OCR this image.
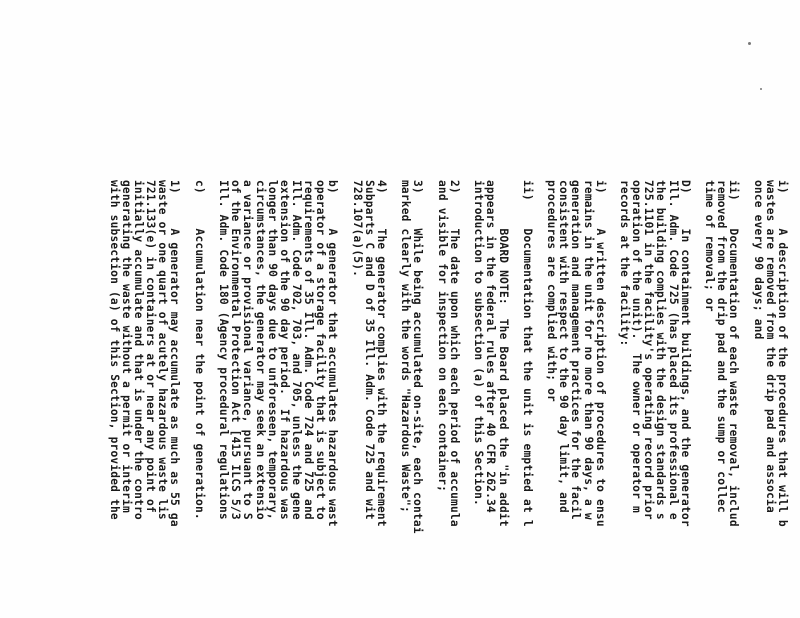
i)     A description of the procedures that will b
wastes are removed from the drip pad and associa
once every 90 days; and
ii)    Documentation of each waste removal, includ
removed from the drip pad and the sump or collec
time of removal; or
D)     In containment buildings, and the generator
Ill. Adm. Code 725 (has placed its professional e
the building complies with the design standards s
725.1101 in the facility's operating record prior
operation of the unit).  The owner or operator m
records at the facility:
i)     A written description of procedures to ensu
remains in the unit for no more than 90 days, a w
generation and management practices for the facil
consistent with respect to the 90 day limit, and
procedures are complied with; or
ii)    Documentation that the unit is emptied at l
BOARD NOTE:  The Board placed the "in addit
appears in the federal rules after 40 CFR 262.34
introduction to subsection (a) of this Section.
2)     The date upon which each period of accumula
and visible for inspection on each container;
3)     While being accumulated on-site, each contai
marked clearly with the words "Hazardous Waste";
4)     The generator complies with the requirement
Subparts C and D of 35 Ill. Adm. Code 725 and wit
728.107(a)(5).
b)     A generator that accumulates hazardous wast
operator of a storage facility that is subject to
requirements of 35 Ill. Adm. Code 724 and 725 and
Ill. Adm. Code 702, 703, and 705, unless the gene
extension of the 90 day period.  If hazardous was
longer than 90 days due to unforeseen, temporary,
circumstances, the generator may seek an extensio
a variance or provisional variance, pursuant to S
of the Environmental Protection Act [415 ILCS 5/3
Ill. Adm. Code 180 (Agency procedural regulations
c)     Accumulation near the point of generation.
1)     A generator may accumulate as much as 55 ga
waste or one quart of acutely hazardous waste lis
721.133(e) in containers at or near any point of
initially accumulate and that is under the contro
generating the waste without a permit or interim
with subsection (a) of this Section, provided the
